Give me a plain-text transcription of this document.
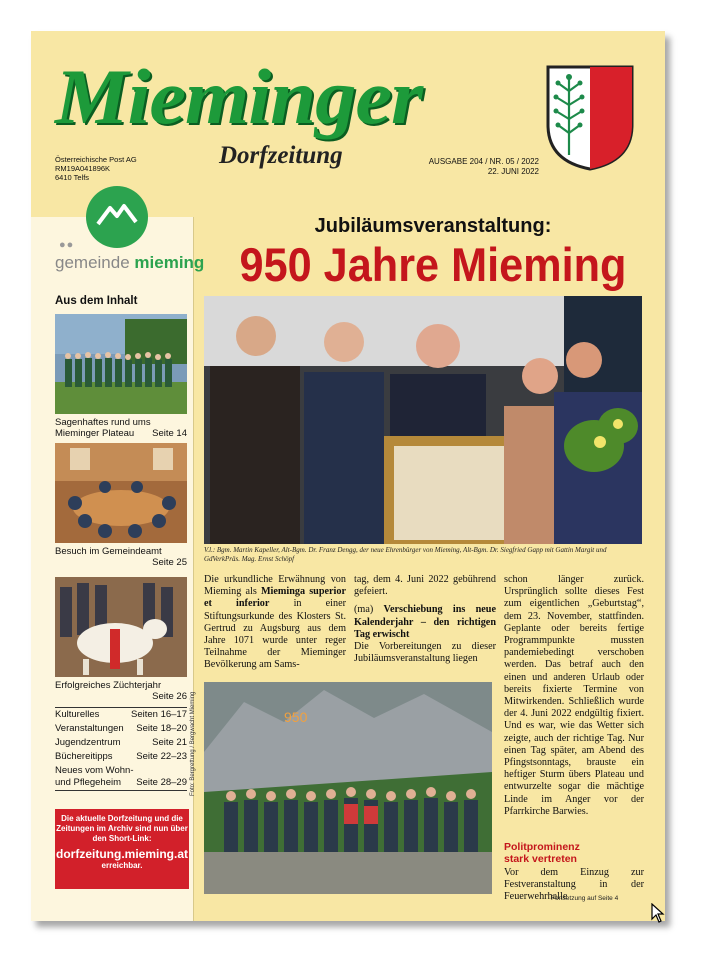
Mieminger
Dorfzeitung
Österreichische Post AG
RM19A041896K
6410 Telfs
AUSGABE 204 / NR. 05 / 2022
22. JUNI 2022
●●
gemeinde mieming
Aus dem Inhalt
Sagenhaftes rund ums Mieminger Plateau Seite 14
Besuch im Gemeindeamt
Seite 25
Erfolgreiches Züchterjahr
Seite 26
Kulturelles	Seiten 16–17
Veranstaltungen Seite 18–20
Jugendzentrum	Seite 21
Büchereitipps Seite 22–23
Neues vom Wohn-
und Pflegeheim Seite 28–29
Die aktuelle Dorfzeitung und die Zeitungen im Archiv sind nun über den Short-Link:
dorfzeitung.mieming.at
erreichbar.
Jubiläumsveranstaltung:
950 Jahre Mieming
V.l.: Bgm. Martin Kapeller, Alt-Bgm. Dr. Franz Dengg, der neue Ehrenbürger von Mieming, Alt-Bgm. Dr. Siegfried Gapp mit Gattin Margit und GdVerkPräs. Mag. Ernst Schöpf
Die urkundliche Erwähnung von Mieming als Mieminga superior et inferior in einer Stiftungsurkunde des Klosters St. Gertrud zu Augsburg aus dem Jahre 1071 wurde unter reger Teilnahme der Mieminger Bevölkerung am Sams-
tag, dem 4. Juni 2022 gebührend gefeiert.
(ma) Verschiebung ins neue Kalenderjahr – den richtigen Tag erwischt
Die Vorbereitungen zu dieser Jubiläumsveranstaltung liegen
950
Foto: Bergrettung / Bergwacht Mieming
schon länger zurück. Ursprünglich sollte dieses Fest zum eigentlichen „Geburtstag“, dem 23. November, stattfinden. Geplante oder bereits fertige Programmpunkte mussten pandemiebedingt verschoben werden. Das betraf auch den einen und anderen Urlaub oder bereits fixierte Termine von Mitwirkenden. Schließlich wurde der 4. Juni 2022 endgültig fixiert. Und es war, wie das Wetter sich zeigte, auch der richtige Tag. Nur einen Tag später, am Abend des Pfingstsonntags, brauste ein heftiger Sturm übers Plateau und entwurzelte sogar die mächtige Linde im Anger vor der Pfarrkirche Barwies.
Politprominenz
stark vertreten
Vor dem Einzug zur Festveranstaltung in der Feuerwehrhalle
Fortsetzung auf Seite 4
